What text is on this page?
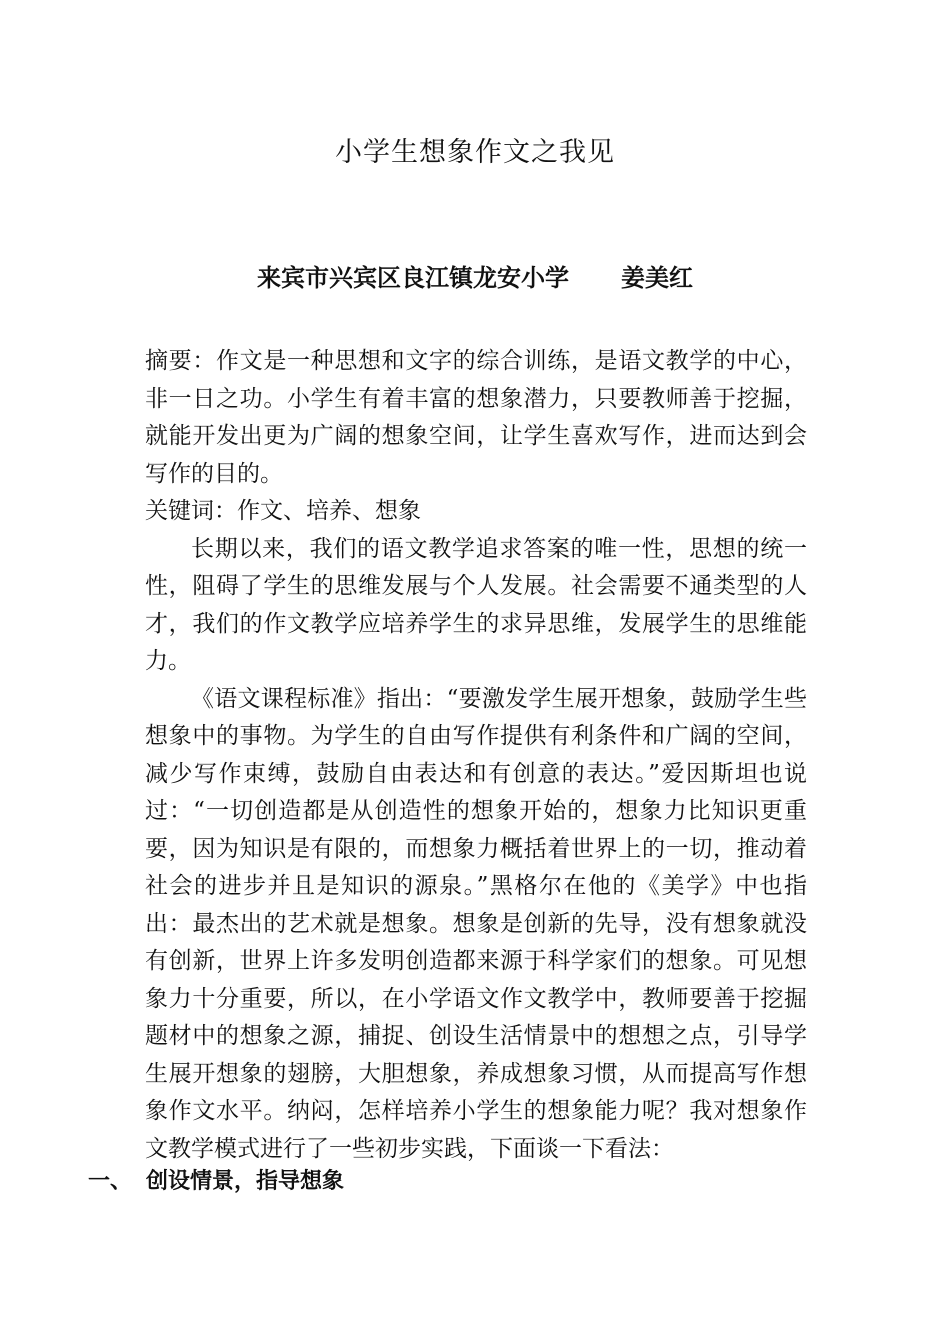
小学生想象作文之我见
来宾市兴宾区良江镇龙安小学 姜美红

摘要：作文是一种思想和文字的综合训练，是语文教学的中心，非一日之功。小学生有着丰富的想象潜力，只要教师善于挖掘，就能开发出更为广阔的想象空间，让学生喜欢写作，进而达到会写作的目的。

关键词：作文、培养、想象

长期以来，我们的语文教学追求答案的唯一性，思想的统一性，阻碍了学生的思维发展与个人发展。社会需要不通类型的人才，我们的作文教学应培养学生的求异思维，发展学生的思维能力。

《语文课程标准》指出：“要激发学生展开想象，鼓励学生些想象中的事物。为学生的自由写作提供有利条件和广阔的空间，减少写作束缚，鼓励自由表达和有创意的表达。”爱因斯坦也说过：“一切创造都是从创造性的想象开始的，想象力比知识更重要，因为知识是有限的，而想象力概括着世界上的一切，推动着社会的进步并且是知识的源泉。”黑格尔在他的《美学》中也指出：最杰出的艺术就是想象。想象是创新的先导，没有想象就没有创新，世界上许多发明创造都来源于科学家们的想象。可见想象力十分重要，所以，在小学语文作文教学中，教师要善于挖掘题材中的想象之源，捕捉、创设生活情景中的想想之点，引导学生展开想象的翅膀，大胆想象，养成想象习惯，从而提高写作想象作文水平。纳闷，怎样培养小学生的想象能力呢？我对想象作文教学模式进行了一些初步实践，下面谈一下看法：

一、 创设情景，指导想象
